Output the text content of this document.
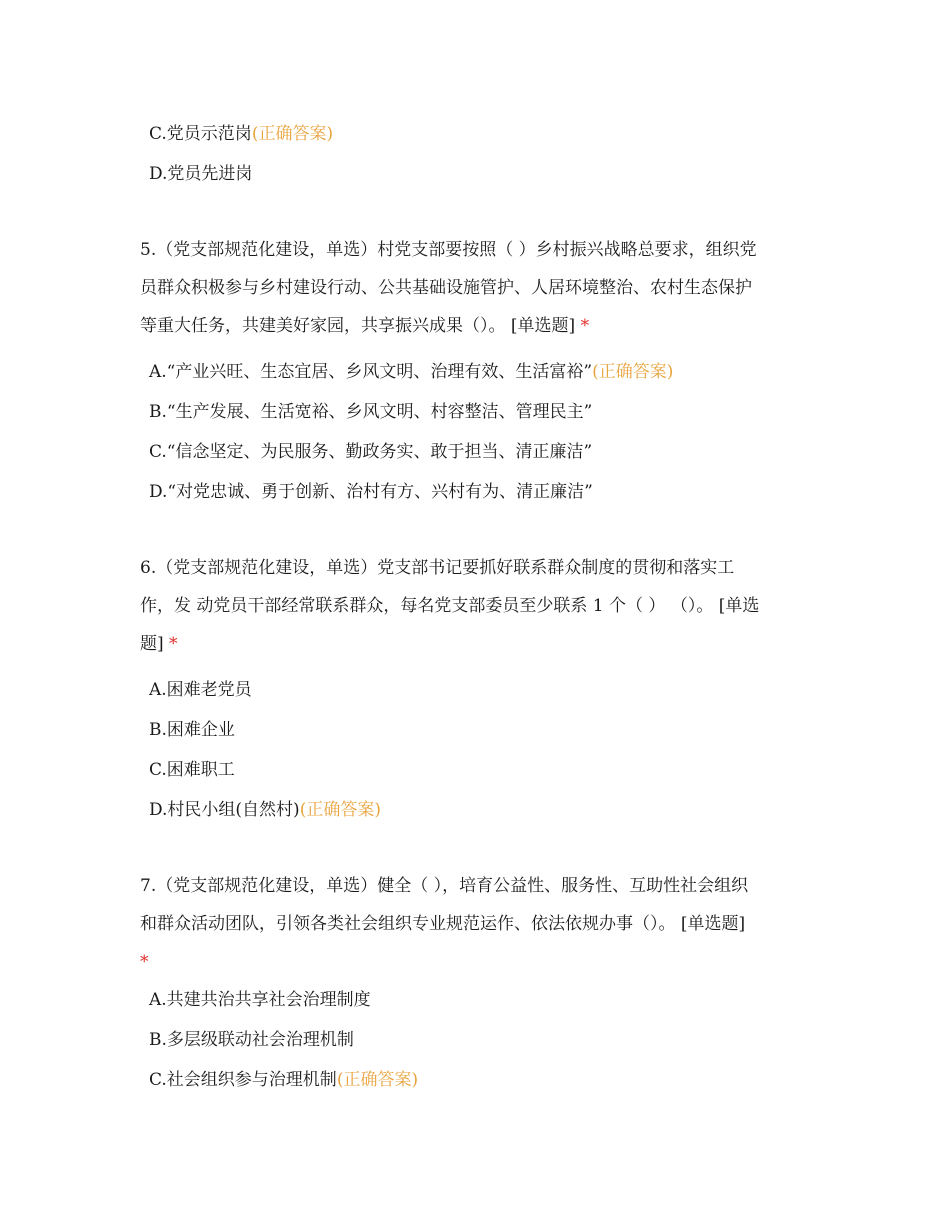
C.党员示范岗(正确答案)
D.党员先进岗
5.（党支部规范化建设，单选）村党支部要按照（ ）乡村振兴战略总要求，组织党
员群众积极参与乡村建设行动、公共基础设施管护、人居环境整治、农村生态保护
等重大任务，共建美好家园，共享振兴成果（）。 [单选题] *
A.“产业兴旺、生态宜居、乡风文明、治理有效、生活富裕”(正确答案)
B.“生产发展、生活宽裕、乡风文明、村容整洁、管理民主”
C.“信念坚定、为民服务、勤政务实、敢于担当、清正廉洁”
D.“对党忠诚、勇于创新、治村有方、兴村有为、清正廉洁”
6.（党支部规范化建设，单选）党支部书记要抓好联系群众制度的贯彻和落实工
作，发 动党员干部经常联系群众，每名党支部委员至少联系 1 个（ ） （）。 [单选
题] *
A.困难老党员
B.困难企业
C.困难职工
D.村民小组(自然村)(正确答案)
7.（党支部规范化建设，单选）健全（ ），培育公益性、服务性、互助性社会组织
和群众活动团队，引领各类社会组织专业规范运作、依法依规办事（）。 [单选题]
*
A.共建共治共享社会治理制度
B.多层级联动社会治理机制
C.社会组织参与治理机制(正确答案)
